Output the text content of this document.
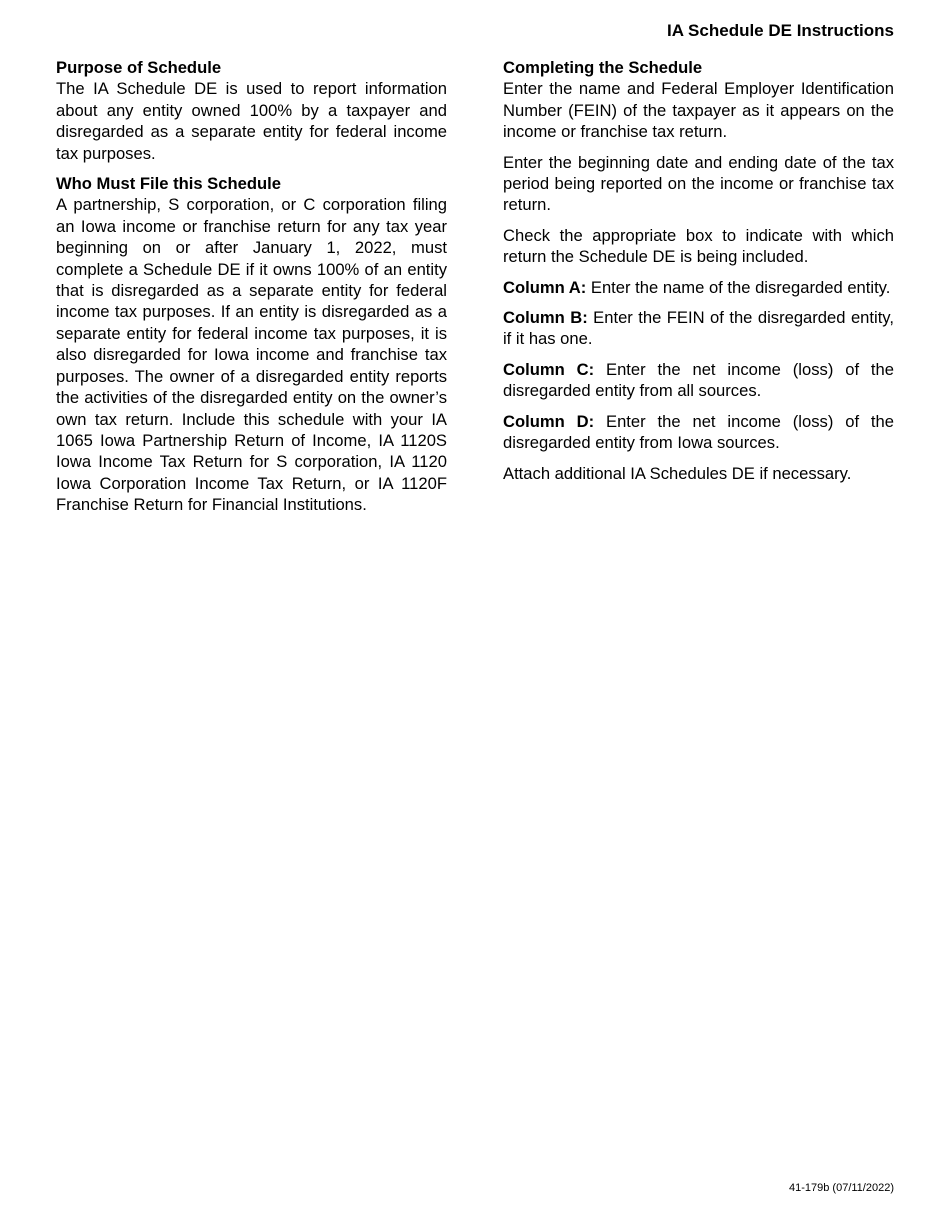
IA Schedule DE Instructions
Purpose of Schedule

The IA Schedule DE is used to report information about any entity owned 100% by a taxpayer and disregarded as a separate entity for federal income tax purposes.

Who Must File this Schedule

A partnership, S corporation, or C corporation filing an Iowa income or franchise return for any tax year beginning on or after January 1, 2022, must complete a Schedule DE if it owns 100% of an entity that is disregarded as a separate entity for federal income tax purposes. If an entity is disregarded as a separate entity for federal income tax purposes, it is also disregarded for Iowa income and franchise tax purposes. The owner of a disregarded entity reports the activities of the disregarded entity on the owner’s own tax return. Include this schedule with your IA 1065 Iowa Partnership Return of Income, IA 1120S Iowa Income Tax Return for S corporation, IA 1120 Iowa Corporation Income Tax Return, or IA 1120F Franchise Return for Financial Institutions.

Completing the Schedule

Enter the name and Federal Employer Identification Number (FEIN) of the taxpayer as it appears on the income or franchise tax return.

Enter the beginning date and ending date of the tax period being reported on the income or franchise tax return.

Check the appropriate box to indicate with which return the Schedule DE is being included.

Column A: Enter the name of the disregarded entity.

Column B: Enter the FEIN of the disregarded entity, if it has one.

Column C: Enter the net income (loss) of the disregarded entity from all sources.

Column D: Enter the net income (loss) of the disregarded entity from Iowa sources.

Attach additional IA Schedules DE if necessary.

41-179b (07/11/2022)
